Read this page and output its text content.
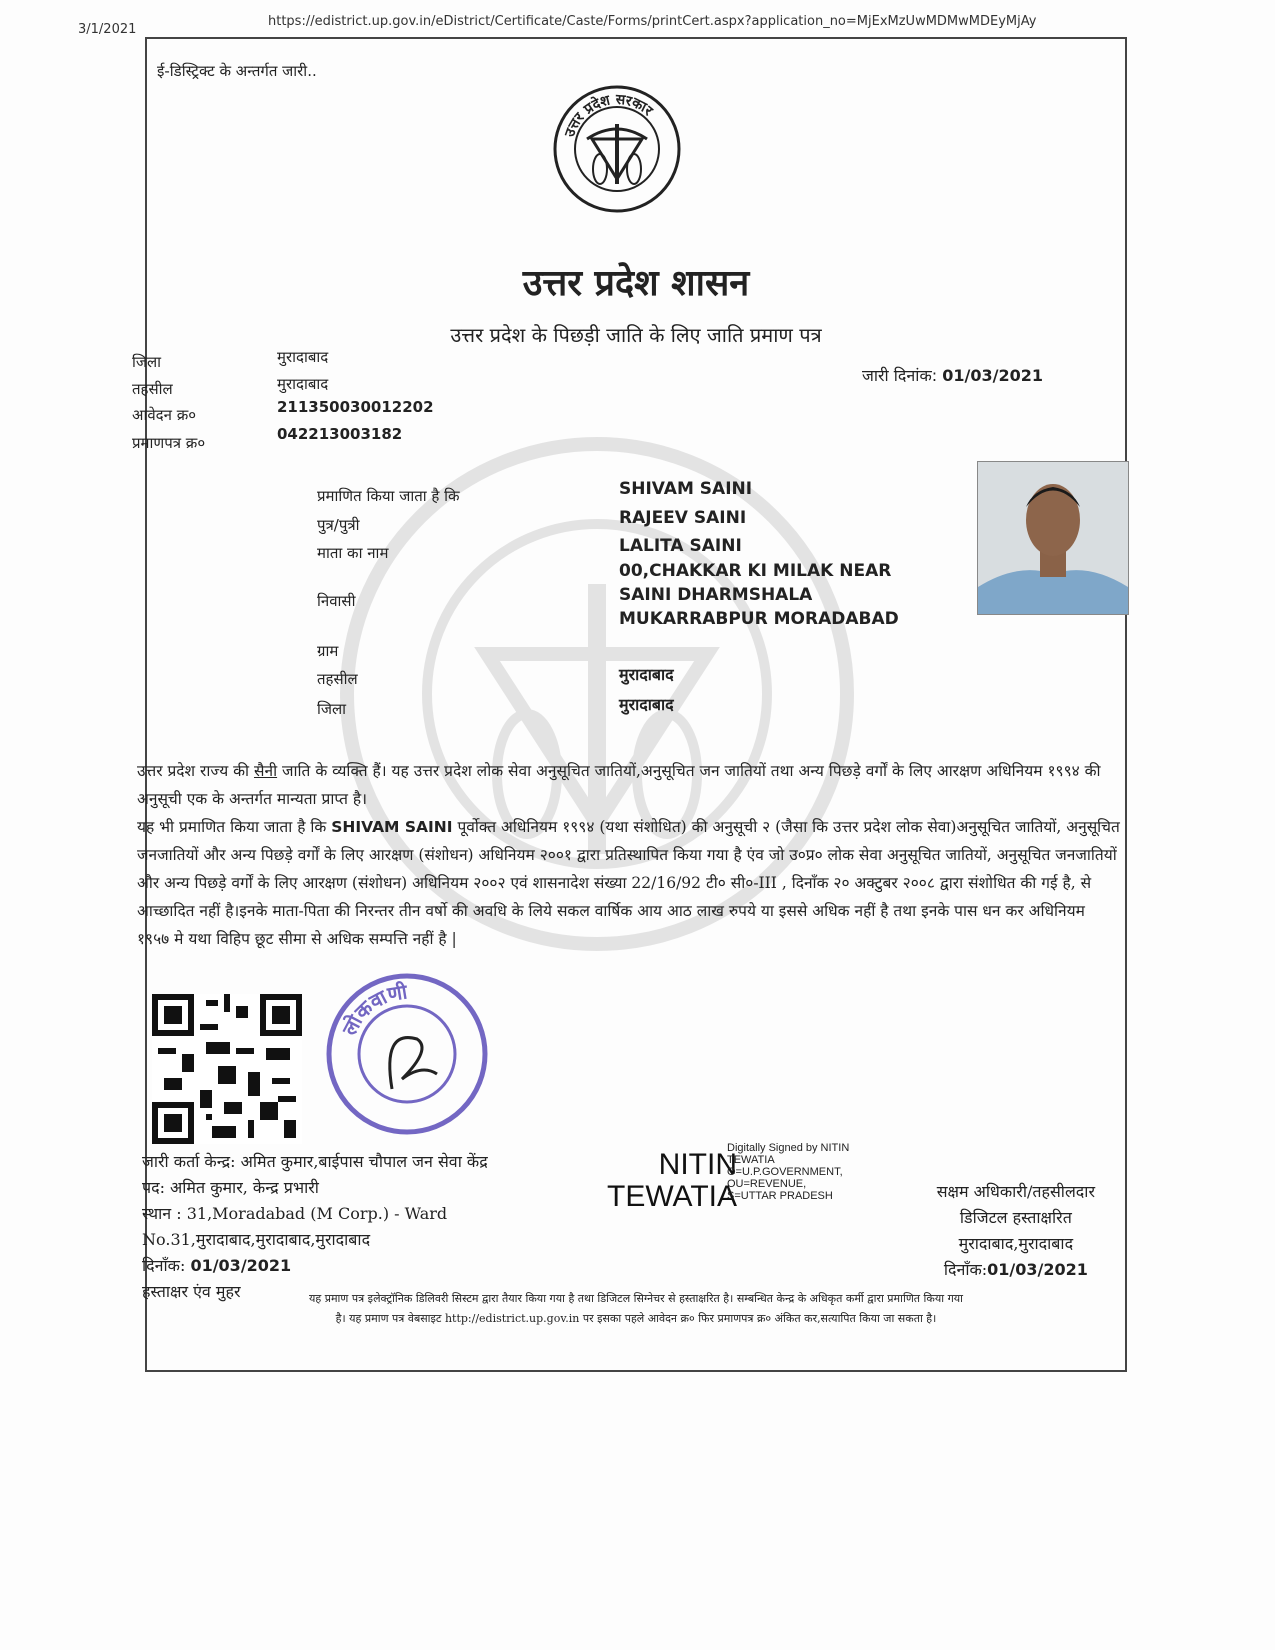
3/1/2021
https://edistrict.up.gov.in/eDistrict/Certificate/Caste/Forms/printCert.aspx?application_no=MjExMzUwMDMwMDEyMjAy
ई-डिस्ट्रिक्ट के अन्तर्गत जारी..
उत्तर प्रदेश सरकार
उत्तर प्रदेश शासन
उत्तर प्रदेश के पिछड़ी जाति के लिए जाति प्रमाण पत्र
जिला	मुरादाबाद
तहसील	मुरादाबाद
आवेदन क्र०	211350030012202
प्रमाणपत्र क्र०	042213003182
जारी दिनांक: 01/03/2021
प्रमाणित किया जाता है कि	SHIVAM SAINI
पुत्र/पुत्री	RAJEEV SAINI
माता का नाम	LALITA SAINI
00,CHAKKAR KI MILAK NEAR
निवासी	SAINI DHARMSHALA
MUKARRABPUR MORADABAD
ग्राम
तहसील	मुरादाबाद
जिला	मुरादाबाद
उत्तर प्रदेश राज्य की सैनी जाति के व्यक्ति हैं। यह उत्तर प्रदेश लोक सेवा अनुसूचित जातियों,अनुसूचित जन जातियों तथा अन्य पिछड़े वर्गों के लिए आरक्षण अधिनियम १९९४ की अनुसूची एक के अन्तर्गत मान्यता प्राप्त है।
यह भी प्रमाणित किया जाता है कि SHIVAM SAINI पूर्वोक्त अधिनियम १९९४ (यथा संशोधित) की अनुसूची २ (जैसा कि उत्तर प्रदेश लोक सेवा)अनुसूचित जातियों, अनुसूचित जनजातियों और अन्य पिछड़े वर्गों के लिए आरक्षण (संशोधन) अधिनियम २००१ द्वारा प्रतिस्थापित किया गया है एंव जो उ०प्र० लोक सेवा अनुसूचित जातियों, अनुसूचित जनजातियों और अन्य पिछड़े वर्गों के लिए आरक्षण (संशोधन) अधिनियम २००२ एवं शासनादेश संख्या 22/16/92 टी० सी०-III , दिनाँक २० अक्टुबर २००८ द्वारा संशोधित की गई है, से आच्छादित नहीं है।इनके माता-पिता की निरन्तर तीन वर्षो की अवधि के लिये सकल वार्षिक आय आठ लाख रुपये या इससे अधिक नहीं है तथा इनके पास धन कर अधिनियम १९५७ मे यथा विहिप छूट सीमा से अधिक सम्पत्ति नहीं है |
लोकवाणी
जारी कर्ता केन्द्र: अमित कुमार,बाईपास चौपाल जन सेवा केंद्र
पद: अमित कुमार, केन्द्र प्रभारी
स्थान : 31,Moradabad (M Corp.) - Ward
No.31,मुरादाबाद,मुरादाबाद,मुरादाबाद
दिनाँक: 01/03/2021
हस्ताक्षर एंव मुहर
NITIN
TEWATIA
Digitally Signed by NITIN
TEWATIA
O=U.P.GOVERNMENT,
OU=REVENUE,
S=UTTAR PRADESH	सक्षम अधिकारी/तहसीलदार
डिजिटल हस्ताक्षरित
मुरादाबाद,मुरादाबाद
दिनाँक:01/03/2021
यह प्रमाण पत्र इलेक्ट्रॉनिक डिलिवरी सिस्टम द्वारा तैयार किया गया है तथा डिजिटल सिग्नेचर से हस्ताक्षरित है। सम्बन्धित केन्द्र के अधिकृत कर्मी द्वारा प्रमाणित किया गया
है। यह प्रमाण पत्र वेबसाइट http://edistrict.up.gov.in पर इसका पहले आवेदन क्र० फिर प्रमाणपत्र क्र० अंकित कर,सत्यापित किया जा सकता है।
